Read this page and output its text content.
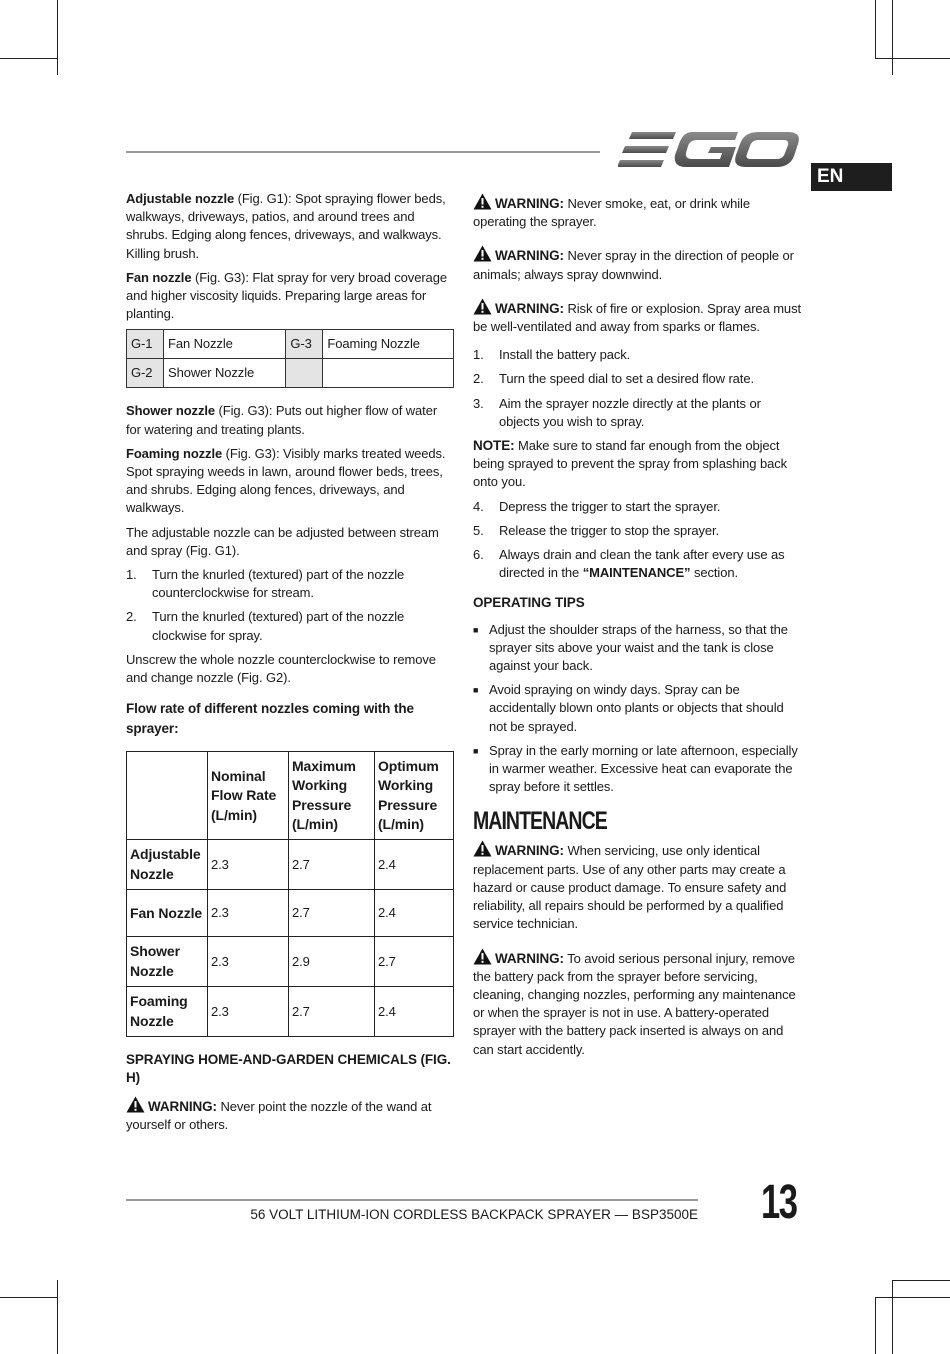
EN

Adjustable nozzle (Fig. G1): Spot spraying flower beds, walkways, driveways, patios, and around trees and shrubs. Edging along fences, driveways, and walkways. Killing brush.

Fan nozzle (Fig. G3): Flat spray for very broad coverage and higher viscosity liquids. Preparing large areas for planting.

G-1	Fan Nozzle	G-3	Foaming Nozzle
G-2	Shower Nozzle		

Shower nozzle (Fig. G3): Puts out higher flow of water for watering and treating plants.

Foaming nozzle (Fig. G3): Visibly marks treated weeds. Spot spraying weeds in lawn, around flower beds, trees, and shrubs. Edging along fences, driveways, and walkways.

The adjustable nozzle can be adjusted between stream and spray (Fig. G1).

1.	Turn the knurled (textured) part of the nozzle counterclockwise for stream.
2.	Turn the knurled (textured) part of the nozzle clockwise for spray.

Unscrew the whole nozzle counterclockwise to remove and change nozzle (Fig. G2).

Flow rate of different nozzles coming with the sprayer:
	Nominal Flow Rate (L/min)	Maximum Working Pressure (L/min)	Optimum Working Pressure (L/min)
Adjustable Nozzle	2.3	2.7	2.4
Fan Nozzle	2.3	2.7	2.4
Shower Nozzle	2.3	2.9	2.7
Foaming Nozzle	2.3	2.7	2.4
SPRAYING HOME-AND-GARDEN CHEMICALS (FIG. H)

WARNING: Never point the nozzle of the wand at yourself or others.

WARNING: Never smoke, eat, or drink while operating the sprayer.

WARNING: Never spray in the direction of people or animals; always spray downwind.

WARNING: Risk of fire or explosion. Spray area must be well-ventilated and away from sparks or flames.

1.	Install the battery pack.
2.	Turn the speed dial to set a desired flow rate.
3.	Aim the sprayer nozzle directly at the plants or objects you wish to spray.

NOTE: Make sure to stand far enough from the object being sprayed to prevent the spray from splashing back onto you.

4.	Depress the trigger to start the sprayer.
5.	Release the trigger to stop the sprayer.
6.	Always drain and clean the tank after every use as directed in the “MAINTENANCE” section.
OPERATING TIPS
■ Adjust the shoulder straps of the harness, so that the sprayer sits above your waist and the tank is close against your back.
■ Avoid spraying on windy days. Spray can be accidentally blown onto plants or objects that should not be sprayed.
■ Spray in the early morning or late afternoon, especially in warmer weather. Excessive heat can evaporate the spray before it settles.
MAINTENANCE

WARNING: When servicing, use only identical replacement parts. Use of any other parts may create a hazard or cause product damage. To ensure safety and reliability, all repairs should be performed by a qualified service technician.

WARNING: To avoid serious personal injury, remove the battery pack from the sprayer before servicing, cleaning, changing nozzles, performing any maintenance or when the sprayer is not in use. A battery-operated sprayer with the battery pack inserted is always on and can start accidently.

56 VOLT LITHIUM-ION CORDLESS BACKPACK SPRAYER — BSP3500E 13
